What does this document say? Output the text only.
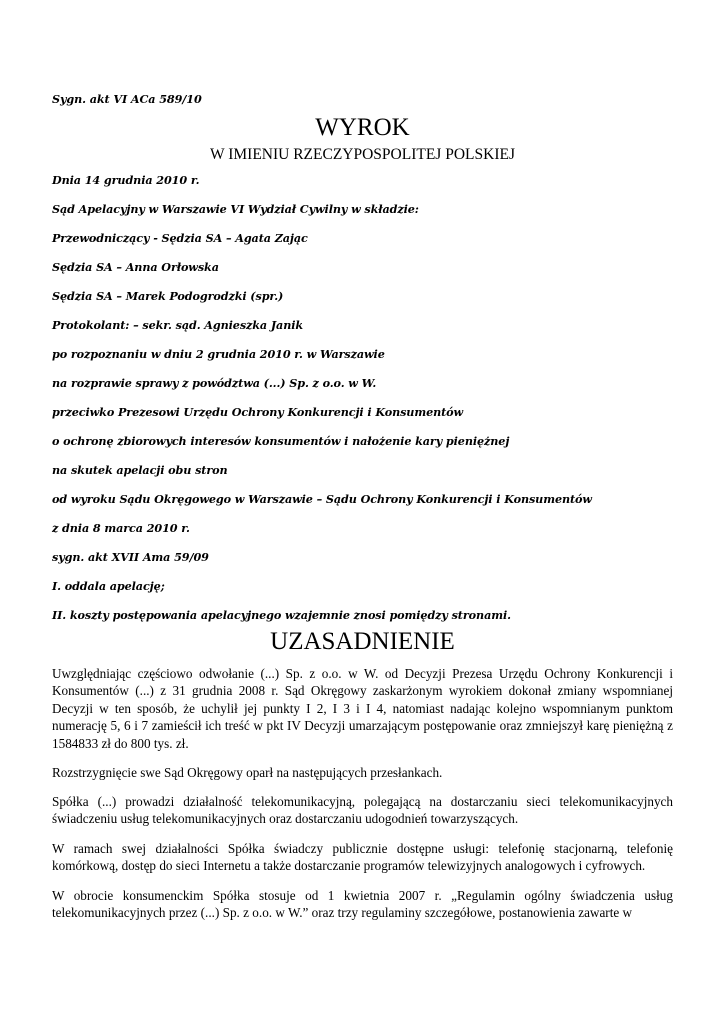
Sygn. akt VI ACa 589/10
WYROK
W IMIENIU RZECZYPOSPOLITEJ POLSKIEJ
Dnia 14 grudnia 2010 r.
Sąd Apelacyjny w Warszawie VI Wydział Cywilny w składzie:
Przewodniczący - Sędzia SA – Agata Zając
Sędzia SA – Anna Orłowska
Sędzia SA – Marek Podogrodzki (spr.)
Protokolant: – sekr. sąd. Agnieszka Janik
po rozpoznaniu w dniu 2 grudnia 2010 r. w Warszawie
na rozprawie sprawy z powództwa (...) Sp. z o.o. w W.
przeciwko Prezesowi Urzędu Ochrony Konkurencji i Konsumentów
o ochronę zbiorowych interesów konsumentów i nałożenie kary pieniężnej
na skutek apelacji obu stron
od wyroku Sądu Okręgowego w Warszawie – Sądu Ochrony Konkurencji i Konsumentów
z dnia 8 marca 2010 r.
sygn. akt XVII Ama 59/09
I. oddala apelację;
II. koszty postępowania apelacyjnego wzajemnie znosi pomiędzy stronami.
UZASADNIENIE
Uwzględniając częściowo odwołanie (...) Sp. z o.o. w W. od Decyzji Prezesa Urzędu Ochrony Konkurencji i Konsumentów (...) z 31 grudnia 2008 r. Sąd Okręgowy zaskarżonym wyrokiem dokonał zmiany wspomnianej Decyzji w ten sposób, że uchylił jej punkty I 2, I 3 i I 4, natomiast nadając kolejno wspomnianym punktom numerację 5, 6 i 7 zamieścił ich treść w pkt IV Decyzji umarzającym postępowanie oraz zmniejszył karę pieniężną z 1584833 zł do 800 tys. zł.
Rozstrzygnięcie swe Sąd Okręgowy oparł na następujących przesłankach.
Spółka (...) prowadzi działalność telekomunikacyjną, polegającą na dostarczaniu sieci telekomunikacyjnych świadczeniu usług telekomunikacyjnych oraz dostarczaniu udogodnień towarzyszących.
W ramach swej działalności Spółka świadczy publicznie dostępne usługi: telefonię stacjonarną, telefonię komórkową, dostęp do sieci Internetu a także dostarczanie programów telewizyjnych analogowych i cyfrowych.
W obrocie konsumenckim Spółka stosuje od 1 kwietnia 2007 r. „Regulamin ogólny świadczenia usług telekomunikacyjnych przez (...) Sp. z o.o. w W.” oraz trzy regulaminy szczegółowe, postanowienia zawarte w
